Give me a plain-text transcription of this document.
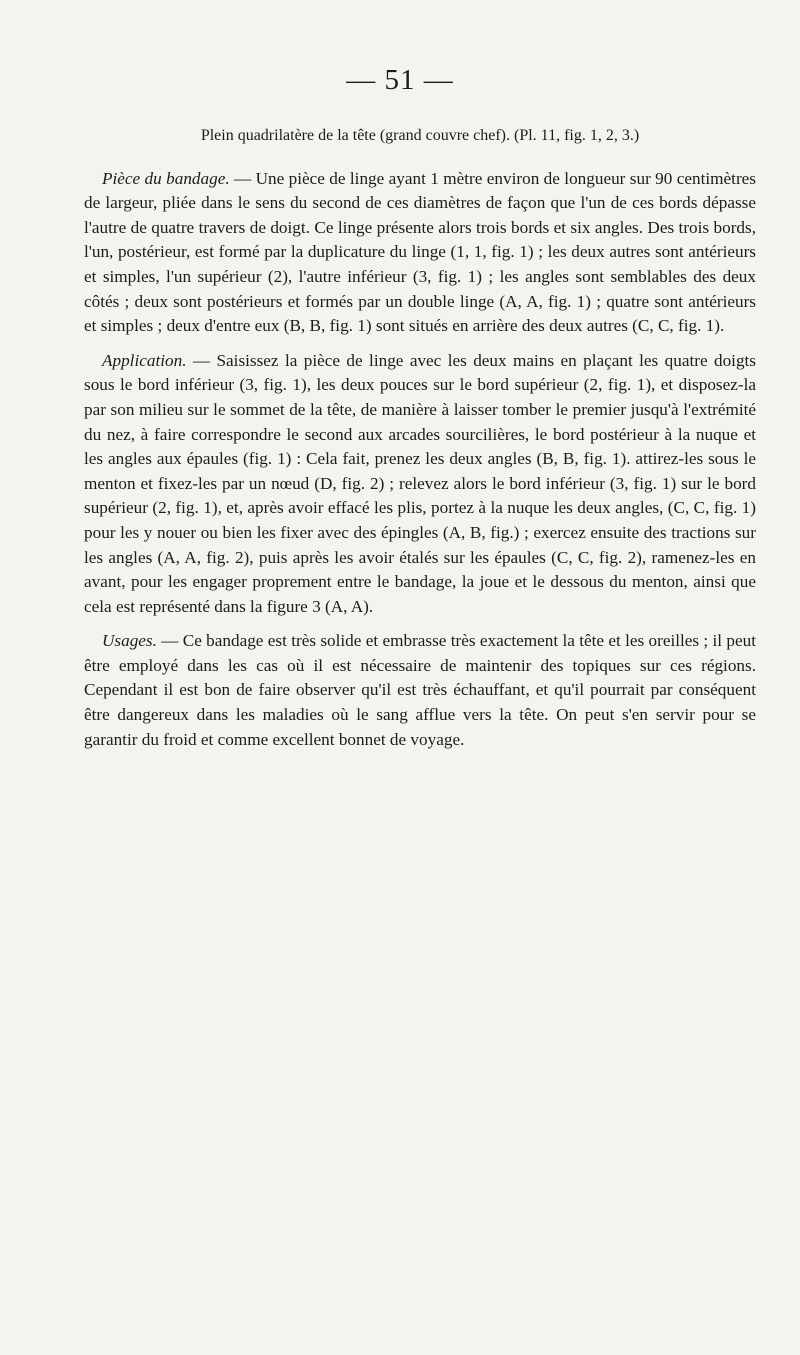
— 51 —

Plein quadrilatère de la tête (grand couvre chef). (Pl. 11, fig. 1, 2, 3.)

Pièce du bandage. — Une pièce de linge ayant 1 mètre environ de longueur sur 90 centimètres de largeur, pliée dans le sens du second de ces diamètres de façon que l'un de ces bords dépasse l'autre de quatre travers de doigt. Ce linge présente alors trois bords et six angles. Des trois bords, l'un, postérieur, est formé par la duplicature du linge (1, 1, fig. 1) ; les deux autres sont antérieurs et simples, l'un supérieur (2), l'autre inférieur (3, fig. 1) ; les angles sont semblables des deux côtés ; deux sont postérieurs et formés par un double linge (A, A, fig. 1) ; quatre sont antérieurs et simples ; deux d'entre eux (B, B, fig. 1) sont situés en arrière des deux autres (C, C, fig. 1).

Application. — Saisissez la pièce de linge avec les deux mains en plaçant les quatre doigts sous le bord inférieur (3, fig. 1), les deux pouces sur le bord supérieur (2, fig. 1), et disposez-la par son milieu sur le sommet de la tête, de manière à laisser tomber le premier jusqu'à l'extrémité du nez, à faire correspondre le second aux arcades sourcilières, le bord postérieur à la nuque et les angles aux épaules (fig. 1) : Cela fait, prenez les deux angles (B, B, fig. 1). attirez-les sous le menton et fixez-les par un nœud (D, fig. 2) ; relevez alors le bord inférieur (3, fig. 1) sur le bord supérieur (2, fig. 1), et, après avoir effacé les plis, portez à la nuque les deux angles, (C, C, fig. 1) pour les y nouer ou bien les fixer avec des épingles (A, B, fig.) ; exercez ensuite des tractions sur les angles (A, A, fig. 2), puis après les avoir étalés sur les épaules (C, C, fig. 2), ramenez-les en avant, pour les engager proprement entre le bandage, la joue et le dessous du menton, ainsi que cela est représenté dans la figure 3 (A, A).

Usages. — Ce bandage est très solide et embrasse très exactement la tête et les oreilles ; il peut être employé dans les cas où il est nécessaire de maintenir des topiques sur ces régions. Cependant il est bon de faire observer qu'il est très échauffant, et qu'il pourrait par conséquent être dangereux dans les maladies où le sang afflue vers la tête. On peut s'en servir pour se garantir du froid et comme excellent bonnet de voyage.
